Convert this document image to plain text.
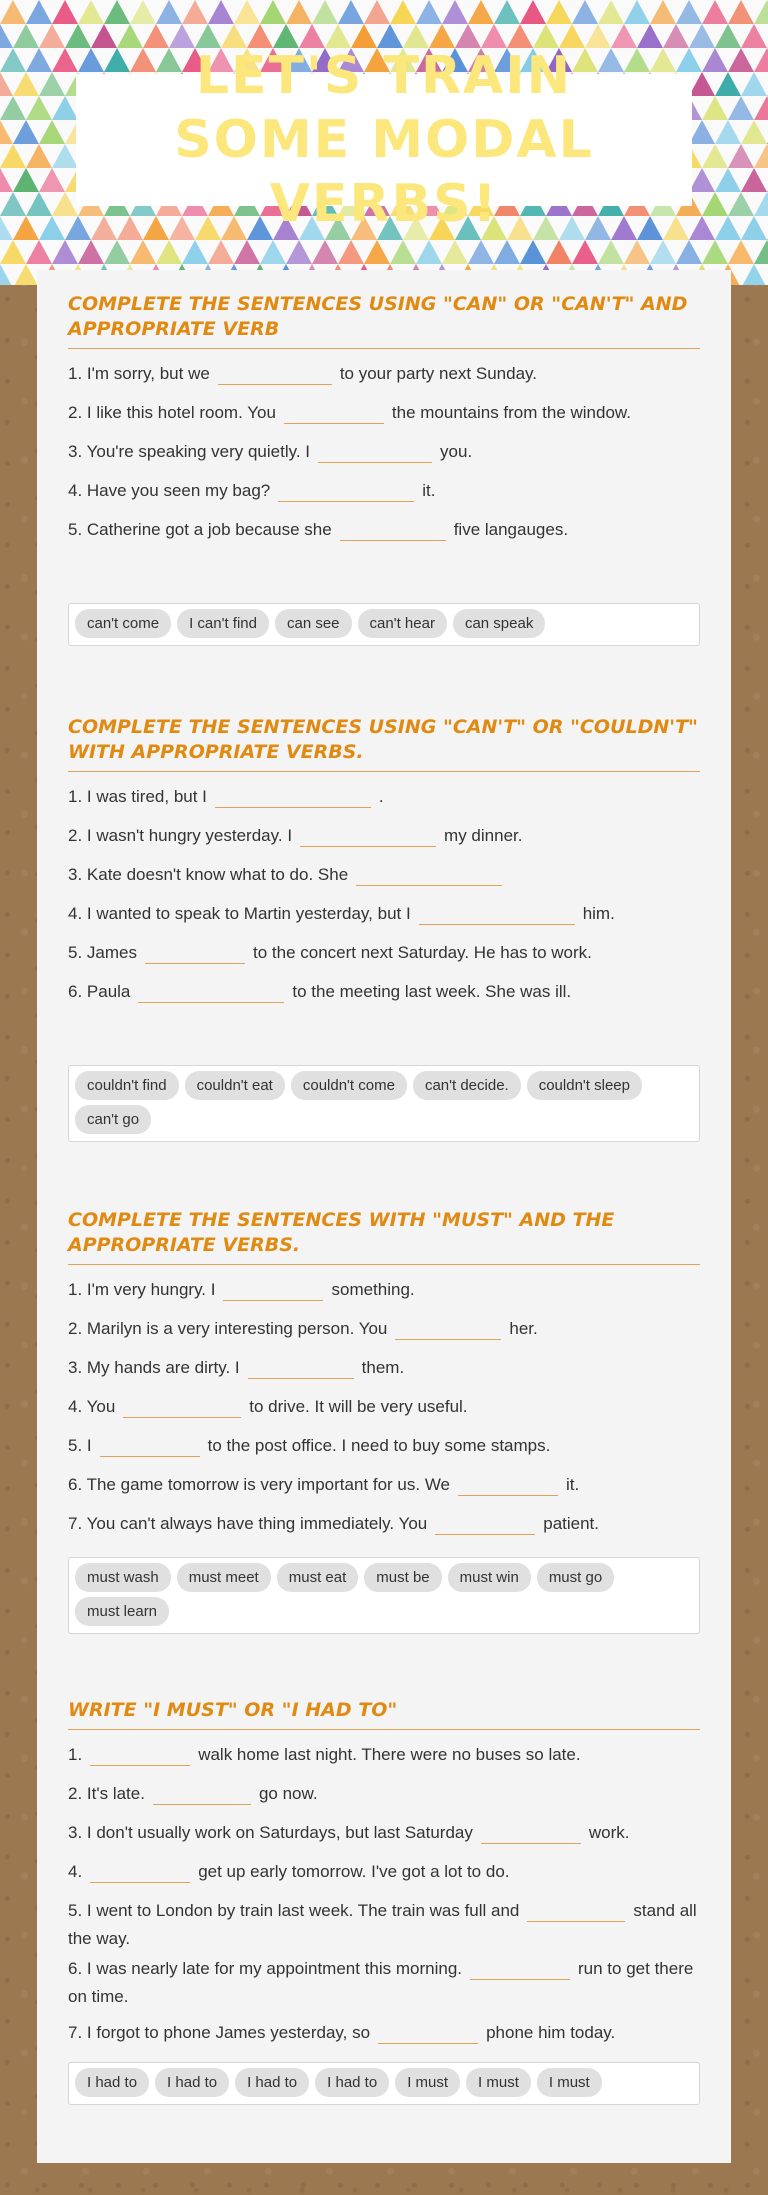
LET'S TRAIN SOME MODAL VERBS!
COMPLETE THE SENTENCES USING "CAN" OR "CAN'T" AND APPROPRIATE VERB

1. I'm sorry, but we	to your party next Sunday.

2. I like this hotel room. You	the mountains from the window.

3. You're speaking very quietly. I	you.

4. Have you seen my bag?	it.

5. Catherine got a job because she	five langauges.

can't come	I can't find	can see	can't hear	can speak
COMPLETE THE SENTENCES USING "CAN'T" OR "COULDN'T" WITH APPROPRIATE VERBS.

1. I was tired, but I	.

2. I wasn't hungry yesterday. I	my dinner.

3. Kate doesn't know what to do. She

4. I wanted to speak to Martin yesterday, but I	him.

5. James	to the concert next Saturday. He has to work.

6. Paula	to the meeting last week. She was ill.

couldn't find	couldn't eat	couldn't come	can't decide.	couldn't sleep
can't go
COMPLETE THE SENTENCES WITH "MUST" AND THE APPROPRIATE VERBS.

1. I'm very hungry. I	something.

2. Marilyn is a very interesting person. You	her.

3. My hands are dirty. I	them.

4. You	to drive. It will be very useful.

5. I	to the post office. I need to buy some stamps.

6. The game tomorrow is very important for us. We	it.

7. You can't always have thing immediately. You	patient.

must wash	must meet	must eat	must be	must win	must go
must learn
WRITE "I MUST" OR "I HAD TO"

1.	walk home last night. There were no buses so late.

2. It's late.	go now.

3. I don't usually work on Saturdays, but last Saturday	work.

4.	get up early tomorrow. I've got a lot to do.

5. I went to London by train last week. The train was full and	stand all the way.

6. I was nearly late for my appointment this morning.	run to get there on time.

7. I forgot to phone James yesterday, so	phone him today.

I had to	I had to	I had to	I had to	I must	I must	I must
